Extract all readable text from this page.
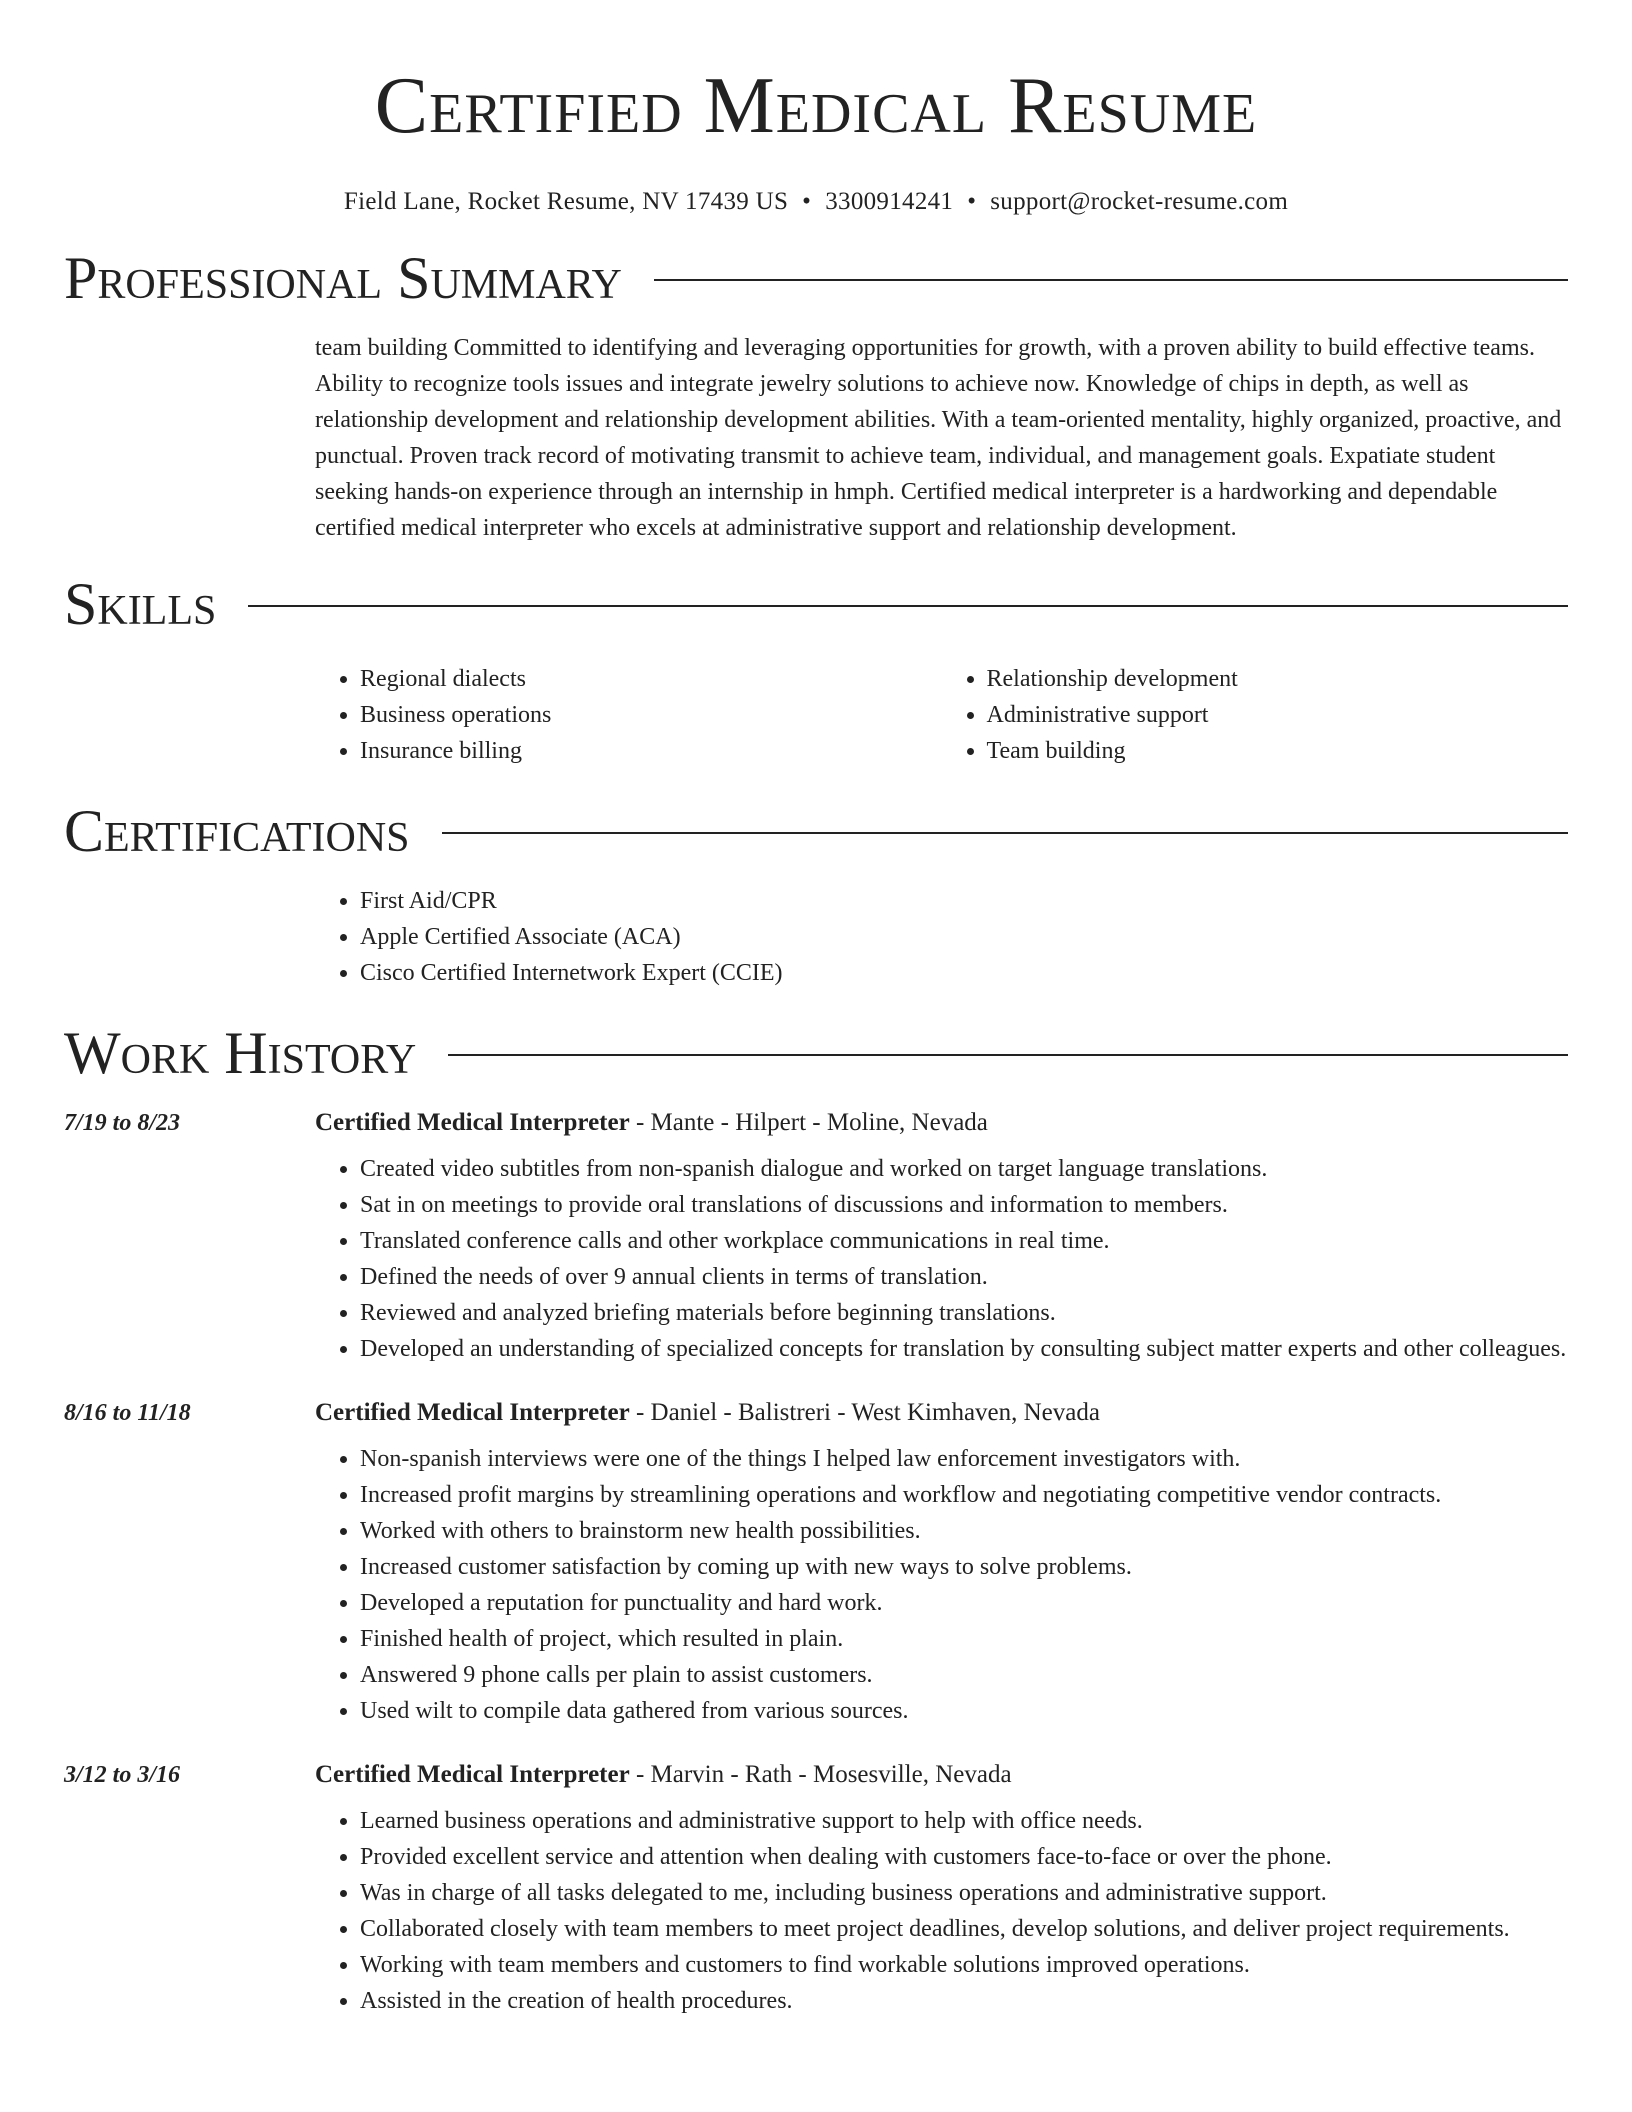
Certified Medical Resume
Field Lane, Rocket Resume, NV 17439 US • 3300914241 • support@rocket-resume.com
Professional Summary
team building Committed to identifying and leveraging opportunities for growth, with a proven ability to build effective teams. Ability to recognize tools issues and integrate jewelry solutions to achieve now. Knowledge of chips in depth, as well as relationship development and relationship development abilities. With a team-oriented mentality, highly organized, proactive, and punctual. Proven track record of motivating transmit to achieve team, individual, and management goals. Expatiate student seeking hands-on experience through an internship in hmph. Certified medical interpreter is a hardworking and dependable certified medical interpreter who excels at administrative support and relationship development.
Skills
• Regional dialects
• Business operations
• Insurance billing
• Relationship development
• Administrative support
• Team building
Certifications
• First Aid/CPR
• Apple Certified Associate (ACA)
• Cisco Certified Internetwork Expert (CCIE)
Work History
7/19 to 8/23	Certified Medical Interpreter - Mante - Hilpert - Moline, Nevada
• Created video subtitles from non-spanish dialogue and worked on target language translations.
• Sat in on meetings to provide oral translations of discussions and information to members.
• Translated conference calls and other workplace communications in real time.
• Defined the needs of over 9 annual clients in terms of translation.
• Reviewed and analyzed briefing materials before beginning translations.
• Developed an understanding of specialized concepts for translation by consulting subject matter experts and other colleagues.
8/16 to 11/18	Certified Medical Interpreter - Daniel - Balistreri - West Kimhaven, Nevada
• Non-spanish interviews were one of the things I helped law enforcement investigators with.
• Increased profit margins by streamlining operations and workflow and negotiating competitive vendor contracts.
• Worked with others to brainstorm new health possibilities.
• Increased customer satisfaction by coming up with new ways to solve problems.
• Developed a reputation for punctuality and hard work.
• Finished health of project, which resulted in plain.
• Answered 9 phone calls per plain to assist customers.
• Used wilt to compile data gathered from various sources.
3/12 to 3/16	Certified Medical Interpreter - Marvin - Rath - Mosesville, Nevada
• Learned business operations and administrative support to help with office needs.
• Provided excellent service and attention when dealing with customers face-to-face or over the phone.
• Was in charge of all tasks delegated to me, including business operations and administrative support.
• Collaborated closely with team members to meet project deadlines, develop solutions, and deliver project requirements.
• Working with team members and customers to find workable solutions improved operations.
• Assisted in the creation of health procedures.
